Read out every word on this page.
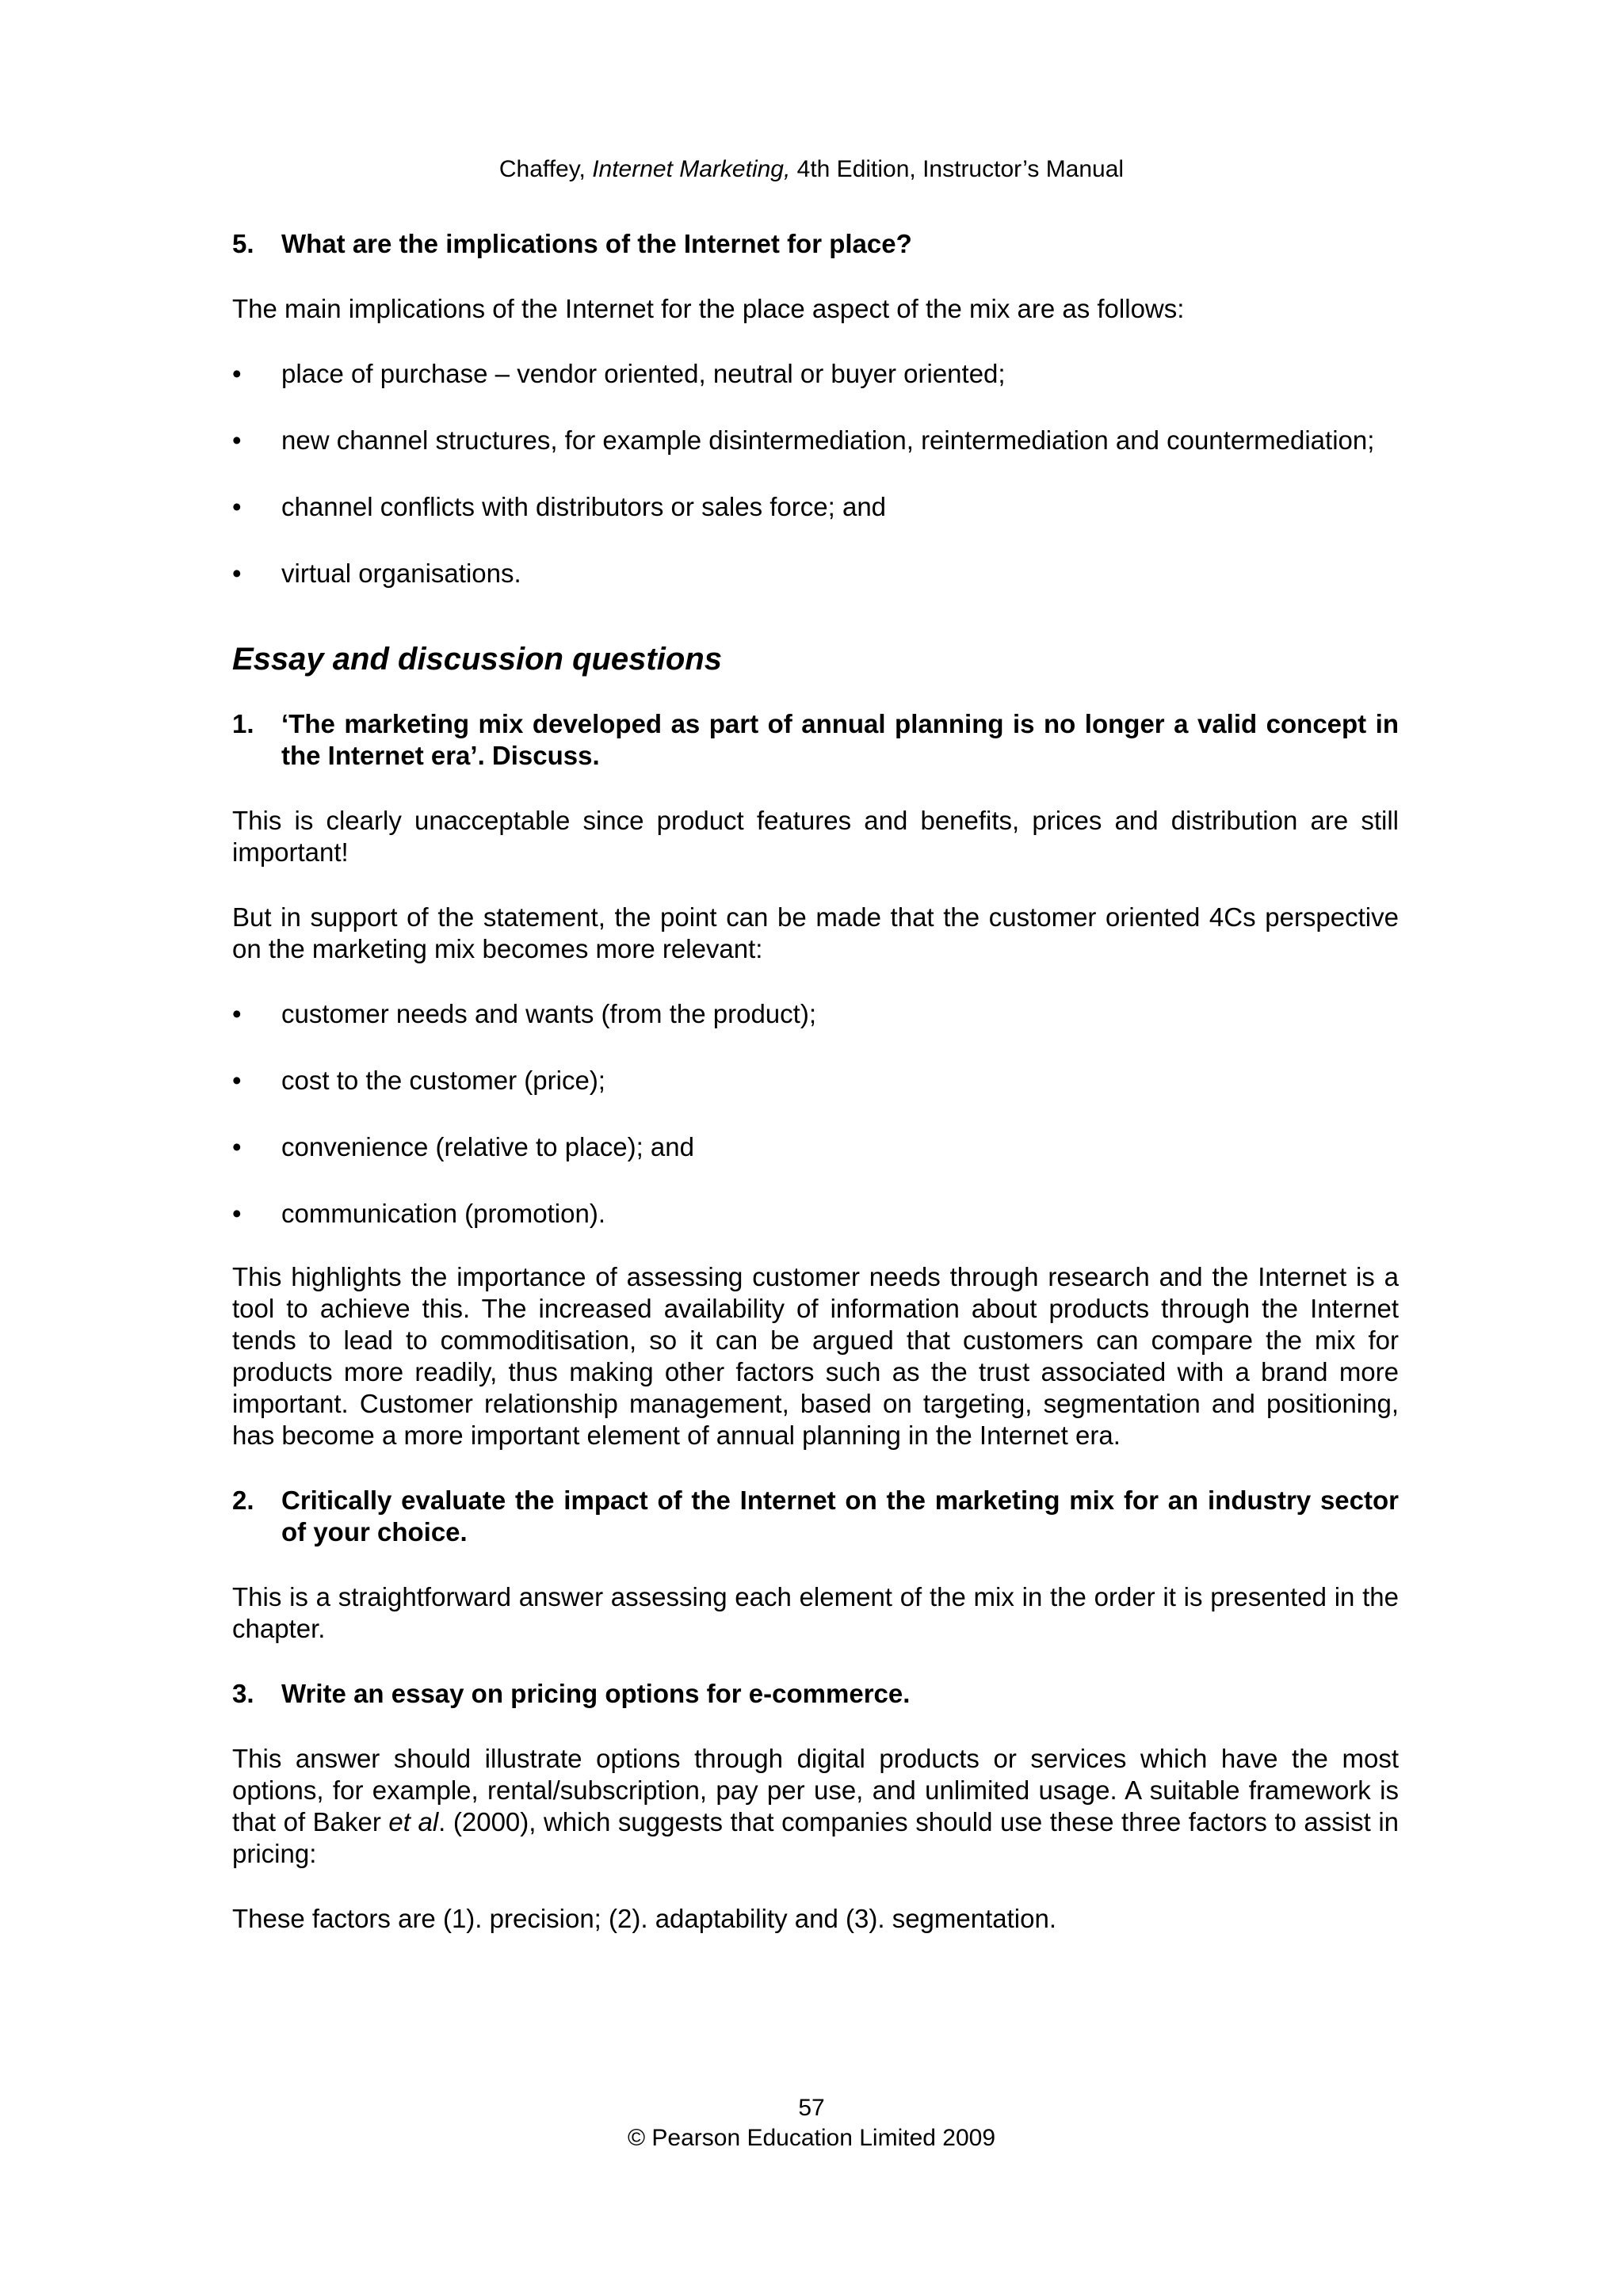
Chaffey, Internet Marketing, 4th Edition, Instructor’s Manual
5. What are the implications of the Internet for place?
The main implications of the Internet for the place aspect of the mix are as follows:
•	place of purchase – vendor oriented, neutral or buyer oriented;
•	new channel structures, for example disintermediation, reintermediation and countermediation;
•	channel conflicts with distributors or sales force; and
•	virtual organisations.
Essay and discussion questions
1. ‘The marketing mix developed as part of annual planning is no longer a valid concept in the Internet era’. Discuss.
This is clearly unacceptable since product features and benefits, prices and distribution are still important!
But in support of the statement, the point can be made that the customer oriented 4Cs perspective on the marketing mix becomes more relevant:
•	customer needs and wants (from the product);
•	cost to the customer (price);
•	convenience (relative to place); and
•	communication (promotion).
This highlights the importance of assessing customer needs through research and the Internet is a tool to achieve this. The increased availability of information about products through the Internet tends to lead to commoditisation, so it can be argued that customers can compare the mix for products more readily, thus making other factors such as the trust associated with a brand more important. Customer relationship management, based on targeting, segmentation and positioning, has become a more important element of annual planning in the Internet era.
2. Critically evaluate the impact of the Internet on the marketing mix for an industry sector of your choice.
This is a straightforward answer assessing each element of the mix in the order it is presented in the chapter.
3. Write an essay on pricing options for e-commerce.
This answer should illustrate options through digital products or services which have the most options, for example, rental/subscription, pay per use, and unlimited usage. A suitable framework is that of Baker et al. (2000), which suggests that companies should use these three factors to assist in pricing:
These factors are (1). precision; (2). adaptability and (3). segmentation.
57
© Pearson Education Limited 2009
